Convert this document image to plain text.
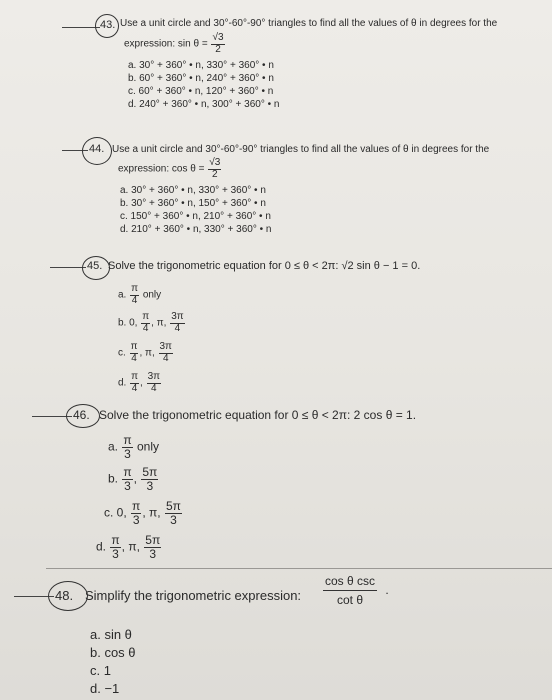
43. Use a unit circle and 30°-60°-90° triangles to find all the values of θ in degrees for the
expression: $\sin \theta = \frac{√3}{2}$
a. 30° + 360° • n, 330° + 360° • n
b. 60° + 360° • n, 240° + 360° • n
c. 60° + 360° • n, 120° + 360° • n
d. 240° + 360° • n, 300° + 360° • n
44. Use a unit circle and 30°-60°-90° triangles to find all the values of θ in degrees for the
expression: $\cos \theta = \frac{√3}{2}$
a. 30° + 360° • n, 330° + 360° • n
b. 30° + 360° • n, 150° + 360° • n
c. 150° + 360° • n, 210° + 360° • n
d. 210° + 360° • n, 330° + 360° • n
45. Solve the trigonometric equation for 0 ≤ θ < 2π: √2 sin θ − 1 = 0.
a. $\frac{\pi}{4}$ only
b. 0, $\frac{\pi}{4}$ , π, $\frac{3\pi}{4}$
c. $\frac{\pi}{4}$ , π, $\frac{3\pi}{4}$
d. $\frac{\pi}{4}$ , $\frac{3\pi}{4}$
46. Solve the trigonometric equation for 0 ≤ θ < 2π: 2 cos θ = 1.
a. $\frac{\pi}{3}$ only
b. $\frac{\pi}{3}$ , $\frac{5\pi}{3}$
c. 0, $\frac{\pi}{3}$ , π, $\frac{5\pi}{3}$
d. $\frac{\pi}{3}$ , π, $\frac{5\pi}{3}$
48. Simplify the trigonometric expression: $\frac{\text{cos θ csc}}{\text{cot θ}}$ .
a. sin θ
b. cos θ
c. 1
d. −1
